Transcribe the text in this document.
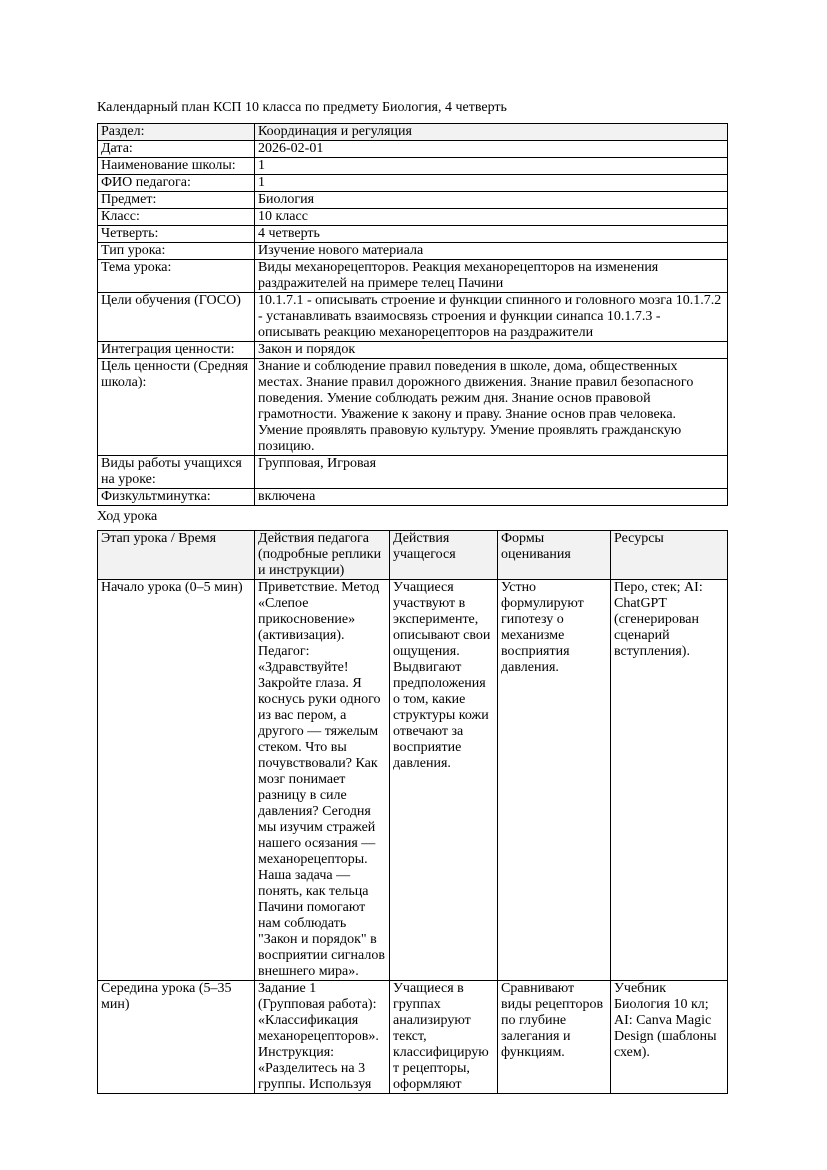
Календарный план КСП 10 класса по предмету Биология, 4 четверть
Раздел:	Координация и регуляция
Дата:	2026-02-01
Наименование школы:	1
ФИО педагога:	1
Предмет:	Биология
Класс:	10 класс
Четверть:	4 четверть
Тип урока:	Изучение нового материала
Тема урока:	Виды механорецепторов. Реакция механорецепторов на изменения раздражителей на примере телец Пачини
Цели обучения (ГОСО)	10.1.7.1 - описывать строение и функции спинного и головного мозга 10.1.7.2 - устанавливать взаимосвязь строения и функции синапса 10.1.7.3 - описывать реакцию механорецепторов на раздражители
Интеграция ценности:	Закон и порядок
Цель ценности (Средняя школа):	Знание и соблюдение правил поведения в школе, дома, общественных местах. Знание правил дорожного движения. Знание правил безопасного поведения. Умение соблюдать режим дня. Знание основ правовой грамотности. Уважение к закону и праву. Знание основ прав человека. Умение проявлять правовую культуру. Умение проявлять гражданскую позицию.
Виды работы учащихся на уроке:	Групповая, Игровая
Физкультминутка:	включена
Ход урока
Этап урока / Время	Действия педагога (подробные реплики и инструкции)	Действия учащегося	Формы оценивания	Ресурсы
Начало урока (0–5 мин)	Приветствие. Метод «Слепое прикосновение» (активизация). Педагог: «Здравствуйте! Закройте глаза. Я коснусь руки одного из вас пером, а другого — тяжелым стеком. Что вы почувствовали? Как мозг понимает разницу в силе давления? Сегодня мы изучим стражей нашего осязания — механорецепторы. Наша задача — понять, как тельца Пачини помогают нам соблюдать "Закон и порядок" в восприятии сигналов внешнего мира».	Учащиеся участвуют в эксперименте, описывают свои ощущения. Выдвигают предположения о том, какие структуры кожи отвечают за восприятие давления.	Устно формулируют гипотезу о механизме восприятия давления.	Перо, стек; AI: ChatGPT (сгенерирован сценарий вступления).
Середина урока (5–35 мин)	Задание 1 (Групповая работа): «Классификация механорецепторов». Инструкция: «Разделитесь на 3 группы. Используя	Учащиеся в группах анализируют текст, классифицируют рецепторы, оформляют	Сравнивают виды рецепторов по глубине залегания и функциям.	Учебник Биология 10 кл; AI: Canva Magic Design (шаблоны схем).
